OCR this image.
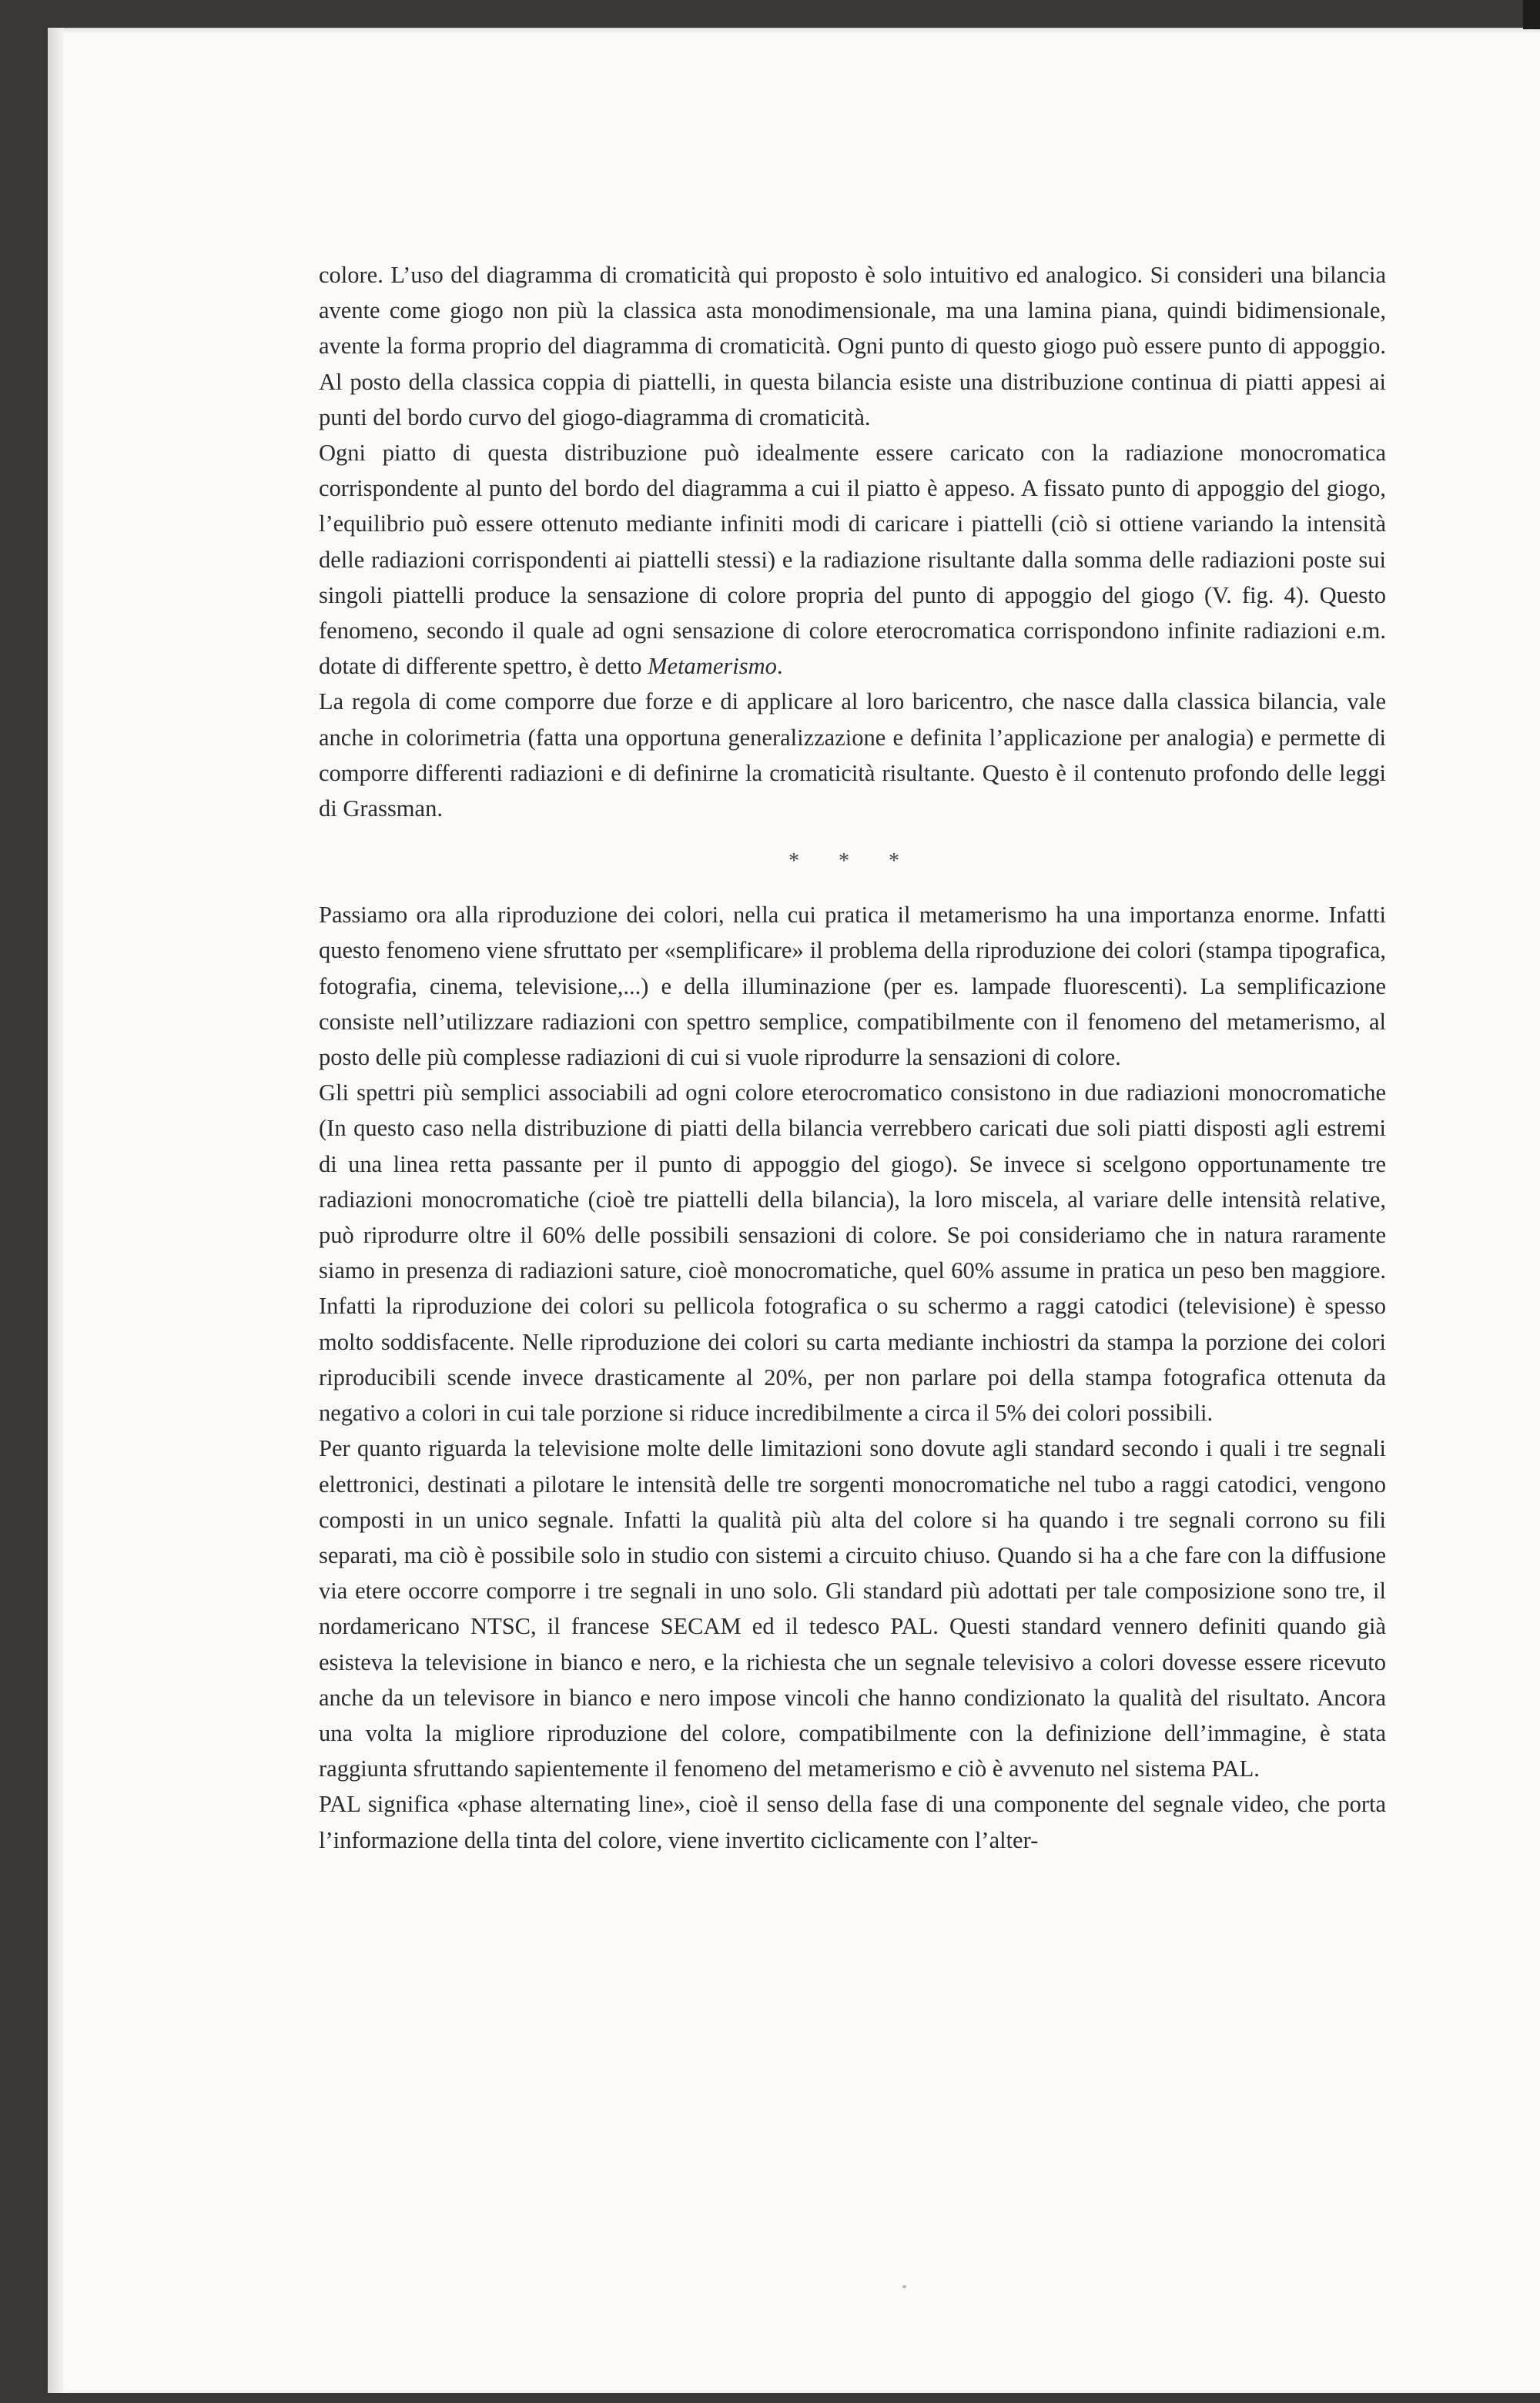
colore. L’uso del diagramma di cromaticità qui proposto è solo intuitivo ed analogico. Si consideri una bilancia avente come giogo non più la classica asta monodimensionale, ma una lamina piana, quindi bidimensionale, avente la forma proprio del diagramma di cromaticità. Ogni punto di questo giogo può essere punto di appoggio. Al posto della classica coppia di piattelli, in questa bilancia esiste una distribuzione continua di piatti appesi ai punti del bordo curvo del giogo-diagramma di cromaticità.

Ogni piatto di questa distribuzione può idealmente essere caricato con la radiazione monocromatica corrispondente al punto del bordo del diagramma a cui il piatto è appeso. A fissato punto di appoggio del giogo, l’equilibrio può essere ottenuto mediante infiniti modi di caricare i piattelli (ciò si ottiene variando la intensità delle radiazioni corrispondenti ai piattelli stessi) e la radiazione risultante dalla somma delle radiazioni poste sui singoli piattelli produce la sensazione di colore propria del punto di appoggio del giogo (V. fig. 4). Questo fenomeno, secondo il quale ad ogni sensazione di colore eterocromatica corrispondono infinite radiazioni e.m. dotate di differente spettro, è detto Metamerismo.

La regola di come comporre due forze e di applicare al loro baricentro, che nasce dalla classica bilancia, vale anche in colorimetria (fatta una opportuna generalizzazione e definita l’applicazione per analogia) e permette di comporre differenti radiazioni e di definirne la cromaticità risultante. Questo è il contenuto profondo delle leggi di Grassman.

* * *

Passiamo ora alla riproduzione dei colori, nella cui pratica il metamerismo ha una importanza enorme. Infatti questo fenomeno viene sfruttato per «semplificare» il problema della riproduzione dei colori (stampa tipografica, fotografia, cinema, televisione,...) e della illuminazione (per es. lampade fluorescenti). La semplificazione consiste nell’utilizzare radiazioni con spettro semplice, compatibilmente con il fenomeno del metamerismo, al posto delle più complesse radiazioni di cui si vuole riprodurre la sensazioni di colore.

Gli spettri più semplici associabili ad ogni colore eterocromatico consistono in due radiazioni monocromatiche (In questo caso nella distribuzione di piatti della bilancia verrebbero caricati due soli piatti disposti agli estremi di una linea retta passante per il punto di appoggio del giogo). Se invece si scelgono opportunamente tre radiazioni monocromatiche (cioè tre piattelli della bilancia), la loro miscela, al variare delle intensità relative, può riprodurre oltre il 60% delle possibili sensazioni di colore. Se poi consideriamo che in natura raramente siamo in presenza di radiazioni sature, cioè monocromatiche, quel 60% assume in pratica un peso ben maggiore. Infatti la riproduzione dei colori su pellicola fotografica o su schermo a raggi catodici (televisione) è spesso molto soddisfacente. Nelle riproduzione dei colori su carta mediante inchiostri da stampa la porzione dei colori riproducibili scende invece drasticamente al 20%, per non parlare poi della stampa fotografica ottenuta da negativo a colori in cui tale porzione si riduce incredibilmente a circa il 5% dei colori possibili.

Per quanto riguarda la televisione molte delle limitazioni sono dovute agli standard secondo i quali i tre segnali elettronici, destinati a pilotare le intensità delle tre sorgenti monocromatiche nel tubo a raggi catodici, vengono composti in un unico segnale. Infatti la qualità più alta del colore si ha quando i tre segnali corrono su fili separati, ma ciò è possibile solo in studio con sistemi a circuito chiuso. Quando si ha a che fare con la diffusione via etere occorre comporre i tre segnali in uno solo. Gli standard più adottati per tale composizione sono tre, il nordamericano NTSC, il francese SECAM ed il tedesco PAL. Questi standard vennero definiti quando già esisteva la televisione in bianco e nero, e la richiesta che un segnale televisivo a colori dovesse essere ricevuto anche da un televisore in bianco e nero impose vincoli che hanno condizionato la qualità del risultato. Ancora una volta la migliore riproduzione del colore, compatibilmente con la definizione dell’immagine, è stata raggiunta sfruttando sapientemente il fenomeno del metamerismo e ciò è avvenuto nel sistema PAL.

PAL significa «phase alternating line», cioè il senso della fase di una componente del segnale video, che porta l’informazione della tinta del colore, viene invertito ciclicamente con l’alter-
